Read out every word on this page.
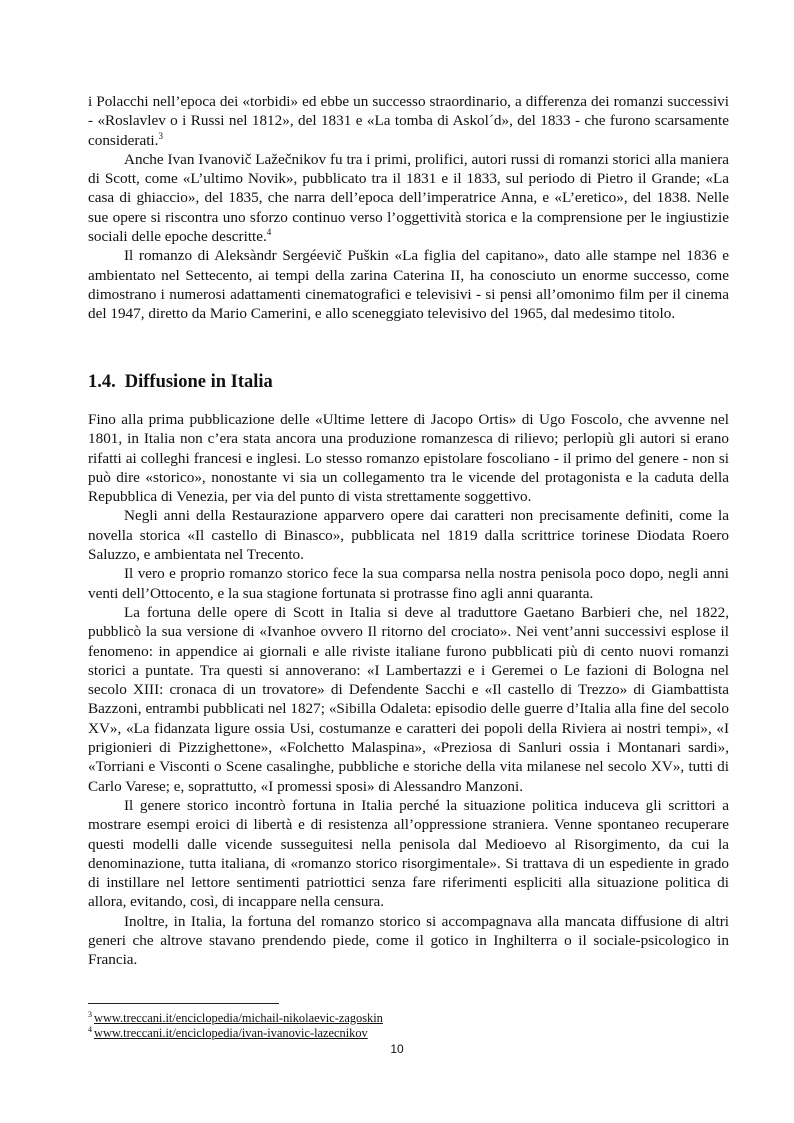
i Polacchi nell’epoca dei «torbidi» ed ebbe un successo straordinario, a differenza dei romanzi successivi - «Roslavlev o i Russi nel 1812», del 1831 e «La tomba di Askol´d», del 1833 - che furono scarsamente considerati.$^3$

Anche Ivan Ivanovič Lažečnikov fu tra i primi, prolifici, autori russi di romanzi storici alla maniera di Scott, come «L’ultimo Novik», pubblicato tra il 1831 e il 1833, sul periodo di Pietro il Grande; «La casa di ghiaccio», del 1835, che narra dell’epoca dell’imperatrice Anna, e «L’eretico», del 1838. Nelle sue opere si riscontra uno sforzo continuo verso l’oggettività storica e la comprensione per le ingiustizie sociali delle epoche descritte.$^4$

Il romanzo di Aleksàndr Sergéevič Puškin «La figlia del capitano», dato alle stampe nel 1836 e ambientato nel Settecento, ai tempi della zarina Caterina II, ha conosciuto un enorme successo, come dimostrano i numerosi adattamenti cinematografici e televisivi - si pensi all’omonimo film per il cinema del 1947, diretto da Mario Camerini, e allo sceneggiato televisivo del 1965, dal medesimo titolo.

1.4. Diffusione in Italia

Fino alla prima pubblicazione delle «Ultime lettere di Jacopo Ortis» di Ugo Foscolo, che avvenne nel 1801, in Italia non c’era stata ancora una produzione romanzesca di rilievo; perlopiù gli autori si erano rifatti ai colleghi francesi e inglesi. Lo stesso romanzo epistolare foscoliano - il primo del genere - non si può dire «storico», nonostante vi sia un collegamento tra le vicende del protagonista e la caduta della Repubblica di Venezia, per via del punto di vista strettamente soggettivo.

Negli anni della Restaurazione apparvero opere dai caratteri non precisamente definiti, come la novella storica «Il castello di Binasco», pubblicata nel 1819 dalla scrittrice torinese Diodata Roero Saluzzo, e ambientata nel Trecento.

Il vero e proprio romanzo storico fece la sua comparsa nella nostra penisola poco dopo, negli anni venti dell’Ottocento, e la sua stagione fortunata si protrasse fino agli anni quaranta.

La fortuna delle opere di Scott in Italia si deve al traduttore Gaetano Barbieri che, nel 1822, pubblicò la sua versione di «Ivanhoe ovvero Il ritorno del crociato». Nei vent’anni successivi esplose il fenomeno: in appendice ai giornali e alle riviste italiane furono pubblicati più di cento nuovi romanzi storici a puntate. Tra questi si annoverano: «I Lambertazzi e i Geremei o Le fazioni di Bologna nel secolo XIII: cronaca di un trovatore» di Defendente Sacchi e «Il castello di Trezzo» di Giambattista Bazzoni, entrambi pubblicati nel 1827; «Sibilla Odaleta: episodio delle guerre d’Italia alla fine del secolo XV», «La fidanzata ligure ossia Usi, costumanze e caratteri dei popoli della Riviera ai nostri tempi», «I prigionieri di Pizzighettone», «Folchetto Malaspina», «Preziosa di Sanluri ossia i Montanari sardi», «Torriani e Visconti o Scene casalinghe, pubbliche e storiche della vita milanese nel secolo XV», tutti di Carlo Varese; e, soprattutto, «I promessi sposi» di Alessandro Manzoni.

Il genere storico incontrò fortuna in Italia perché la situazione politica induceva gli scrittori a mostrare esempi eroici di libertà e di resistenza all’oppressione straniera. Venne spontaneo recuperare questi modelli dalle vicende susseguitesi nella penisola dal Medioevo al Risorgimento, da cui la denominazione, tutta italiana, di «romanzo storico risorgimentale». Si trattava di un espediente in grado di instillare nel lettore sentimenti patriottici senza fare riferimenti espliciti alla situazione politica di allora, evitando, così, di incappare nella censura.

Inoltre, in Italia, la fortuna del romanzo storico si accompagnava alla mancata diffusione di altri generi che altrove stavano prendendo piede, come il gotico in Inghilterra o il sociale-psicologico in Francia.

$^3$ www.treccani.it/enciclopedia/michail-nikolaevic-zagoskin
$^4$ www.treccani.it/enciclopedia/ivan-ivanovic-lazecnikov
10
